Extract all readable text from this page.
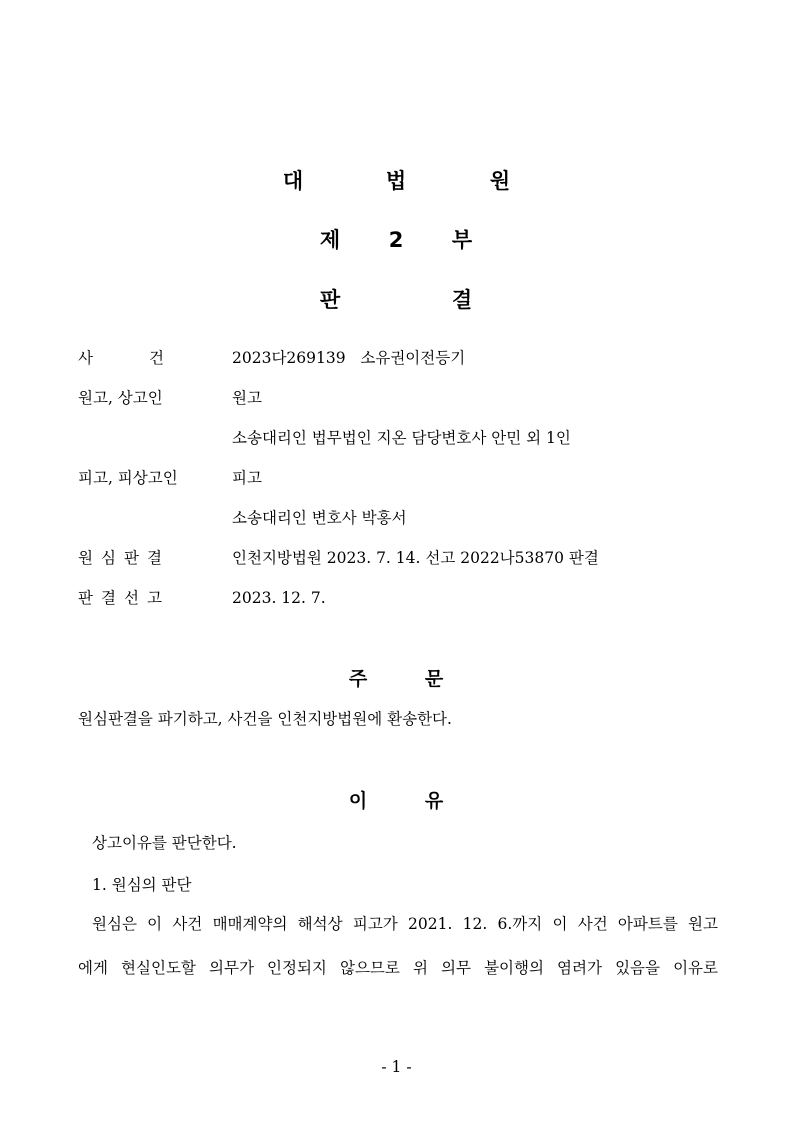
대	법	원
제 2 부
판	결
사	건	2023다269139   소유권이전등기
원고, 상고인	원고
소송대리인 법무법인 지온 담당변호사 안민 외 1인
피고, 피상고인	피고
소송대리인 변호사 박홍서
원 심 판 결	인천지방법원 2023. 7. 14. 선고 2022나53870 판결
판 결 선 고	2023. 12. 7.
주	문
원심판결을 파기하고, 사건을 인천지방법원에 환송한다.
이	유
상고이유를 판단한다.
1. 원심의 판단
원심은 이 사건 매매계약의 해석상 피고가 2021. 12. 6.까지 이 사건 아파트를 원고
에게 현실인도할 의무가 인정되지 않으므로 위 의무 불이행의 염려가 있음을 이유로
- 1 -
